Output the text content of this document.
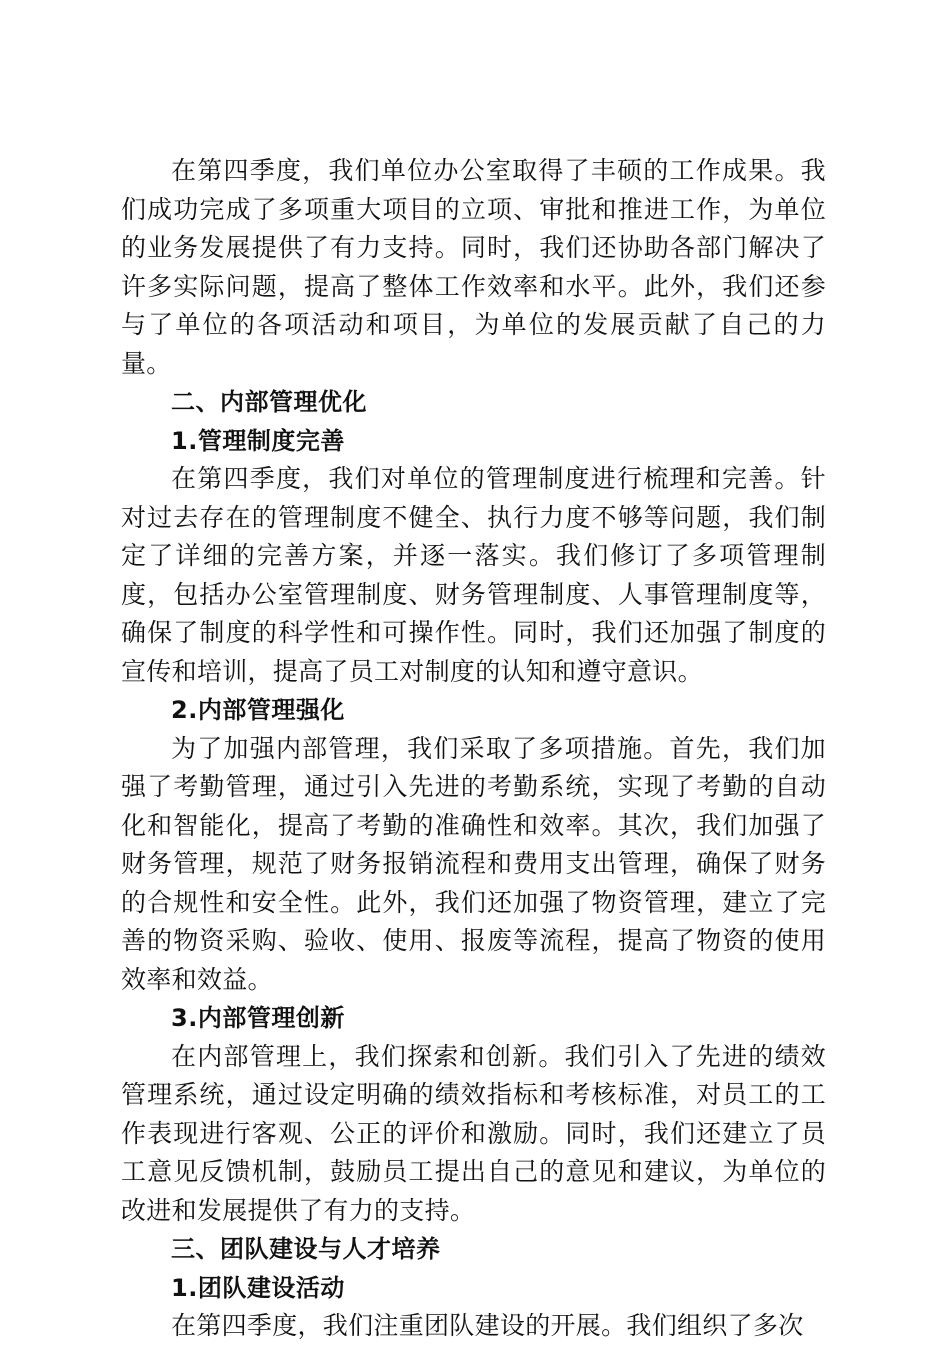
在第四季度，我们单位办公室取得了丰硕的工作成果。我们成功完成了多项重大项目的立项、审批和推进工作，为单位的业务发展提供了有力支持。同时，我们还协助各部门解决了许多实际问题，提高了整体工作效率和水平。此外，我们还参与了单位的各项活动和项目，为单位的发展贡献了自己的力量。

二、内部管理优化

1.管理制度完善

在第四季度，我们对单位的管理制度进行梳理和完善。针对过去存在的管理制度不健全、执行力度不够等问题，我们制定了详细的完善方案，并逐一落实。我们修订了多项管理制度，包括办公室管理制度、财务管理制度、人事管理制度等，确保了制度的科学性和可操作性。同时，我们还加强了制度的宣传和培训，提高了员工对制度的认知和遵守意识。

2.内部管理强化

为了加强内部管理，我们采取了多项措施。首先，我们加强了考勤管理，通过引入先进的考勤系统，实现了考勤的自动化和智能化，提高了考勤的准确性和效率。其次，我们加强了财务管理，规范了财务报销流程和费用支出管理，确保了财务的合规性和安全性。此外，我们还加强了物资管理，建立了完善的物资采购、验收、使用、报废等流程，提高了物资的使用效率和效益。

3.内部管理创新

在内部管理上，我们探索和创新。我们引入了先进的绩效管理系统，通过设定明确的绩效指标和考核标准，对员工的工作表现进行客观、公正的评价和激励。同时，我们还建立了员工意见反馈机制，鼓励员工提出自己的意见和建议，为单位的改进和发展提供了有力的支持。

三、团队建设与人才培养

1.团队建设活动

在第四季度，我们注重团队建设的开展。我们组织了多次
